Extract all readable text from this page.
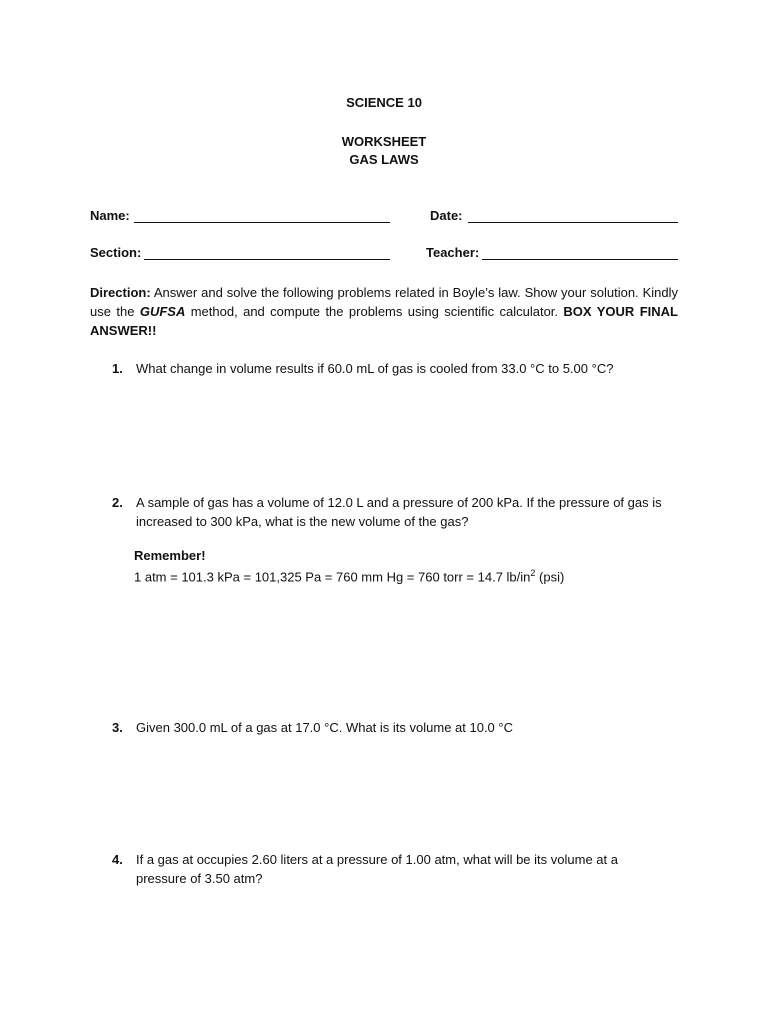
SCIENCE 10
WORKSHEET
GAS LAWS
Name:	Date:
Section:	Teacher:
Direction: Answer and solve the following problems related in Boyle’s law. Show your solution. Kindly use the GUFSA method, and compute the problems using scientific calculator. BOX YOUR FINAL ANSWER!!
1. What change in volume results if 60.0 mL of gas is cooled from 33.0 °C to 5.00 °C?
2. A sample of gas has a volume of 12.0 L and a pressure of 200 kPa. If the pressure of gas is increased to 300 kPa, what is the new volume of the gas?
Remember!
1 atm = 101.3 kPa = 101,325 Pa = 760 mm Hg = 760 torr = 14.7 $lb/in^2$ (psi)
3. Given 300.0 mL of a gas at 17.0 °C. What is its volume at 10.0 °C
4. If a gas at occupies 2.60 liters at a pressure of 1.00 atm, what will be its volume at a pressure of 3.50 atm?
